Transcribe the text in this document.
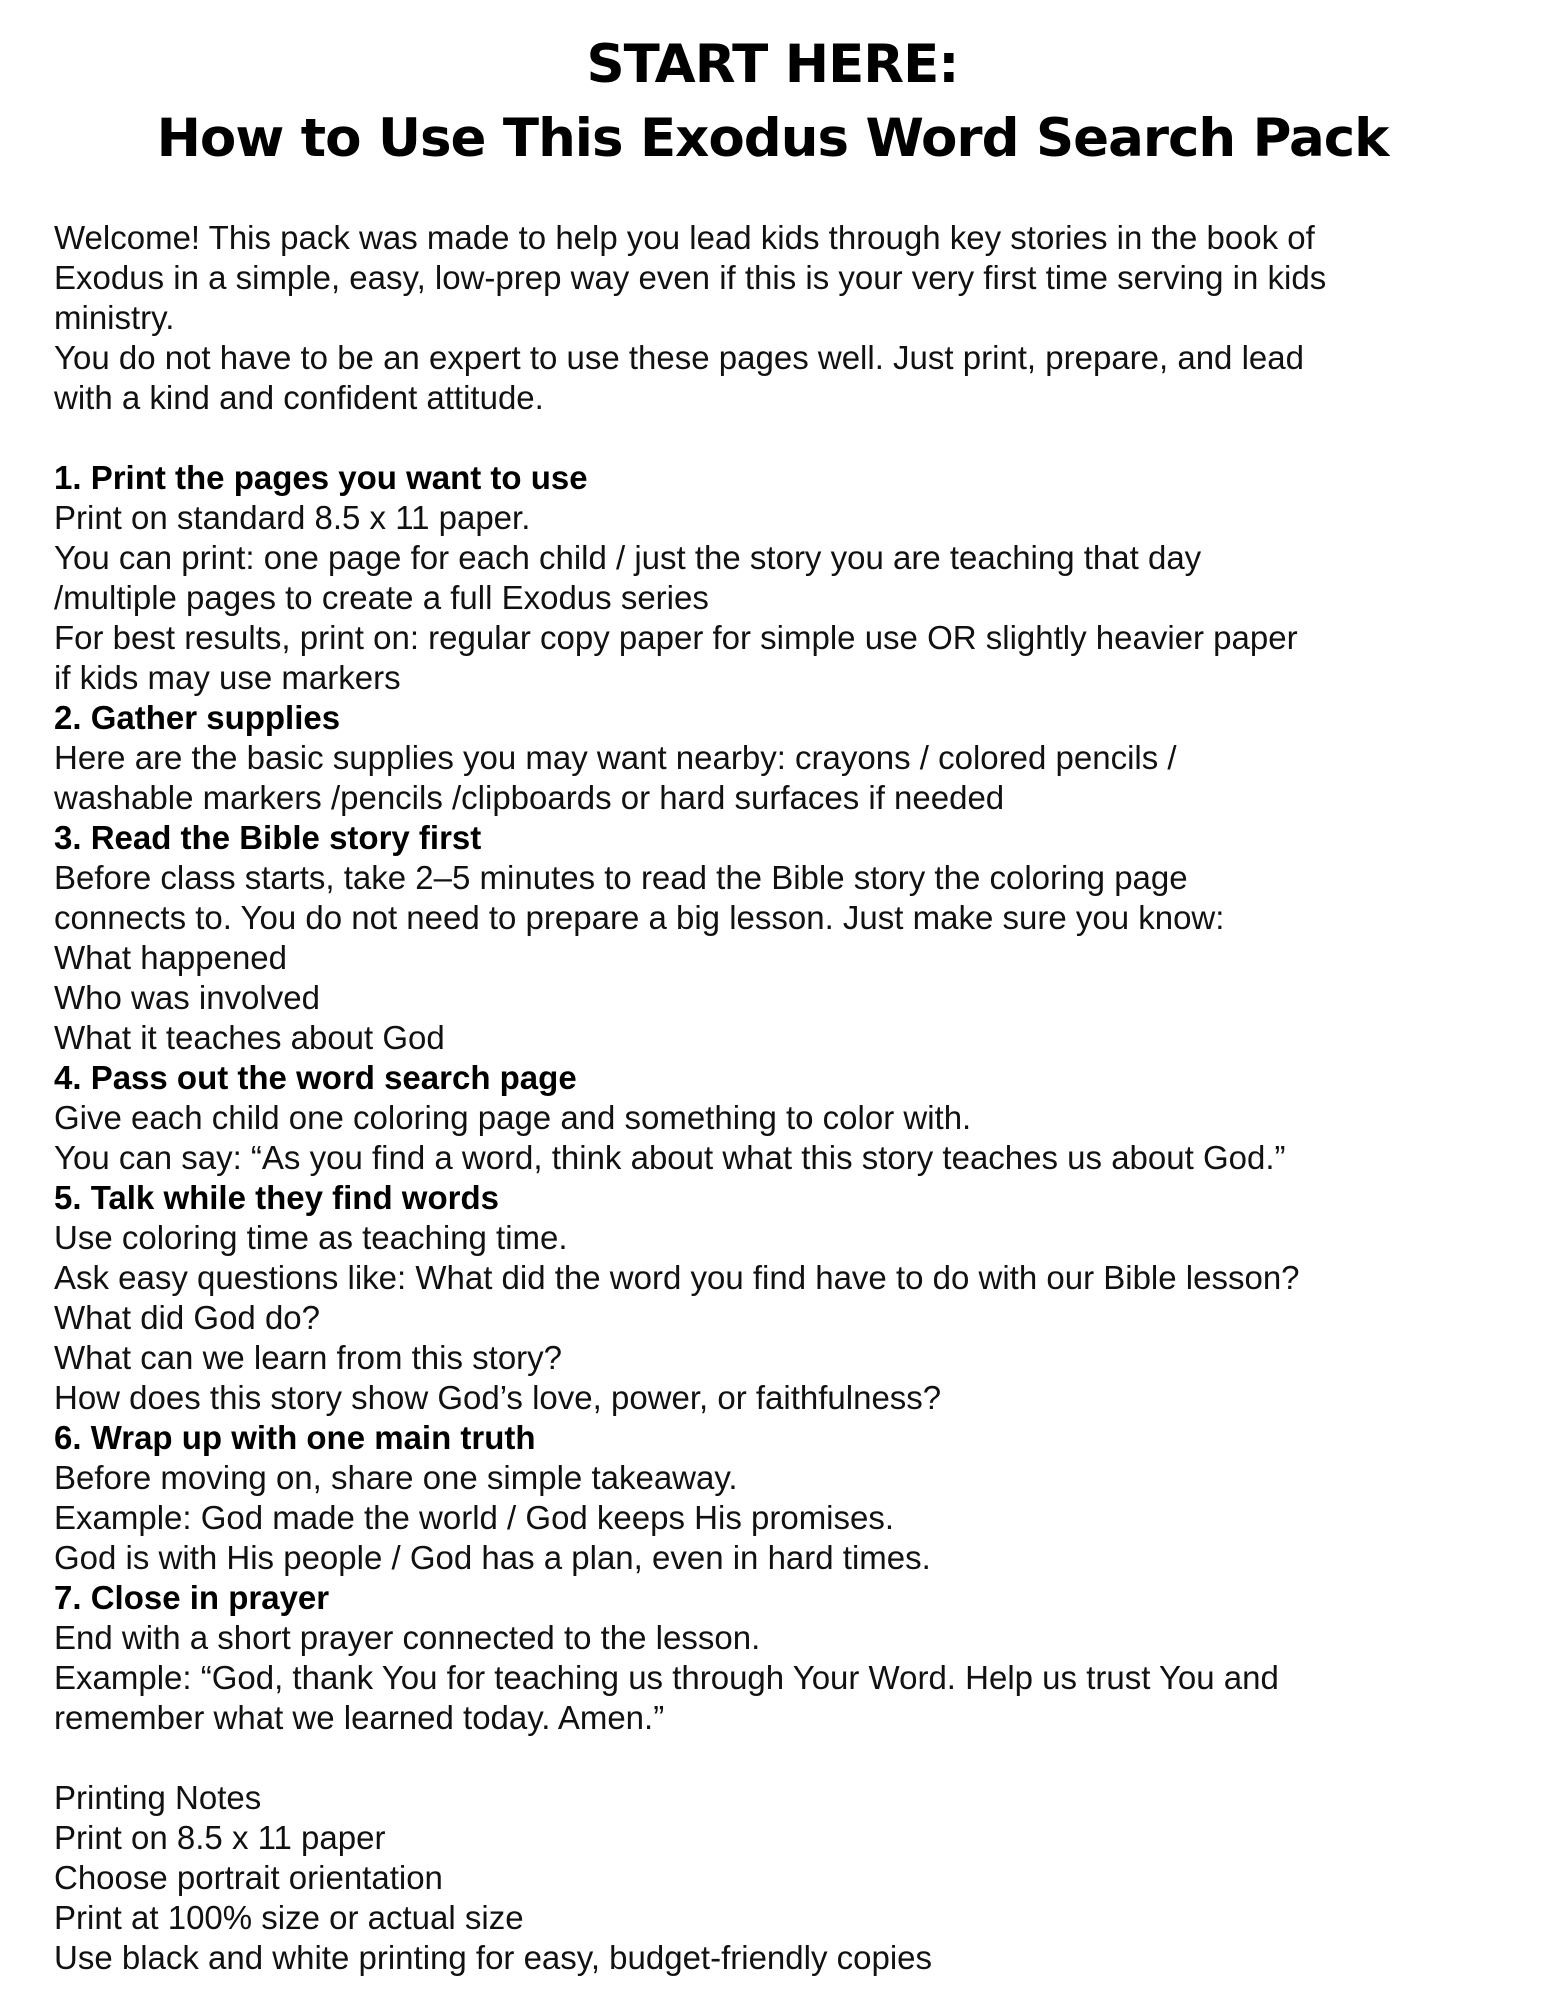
START HERE:
How to Use This Exodus Word Search Pack
Welcome! This pack was made to help you lead kids through key stories in the book of
Exodus in a simple, easy, low-prep way even if this is your very first time serving in kids
ministry.
You do not have to be an expert to use these pages well. Just print, prepare, and lead
with a kind and confident attitude.
1. Print the pages you want to use
Print on standard 8.5 x 11 paper.
You can print: one page for each child / just the story you are teaching that day
/multiple pages to create a full Exodus series
For best results, print on: regular copy paper for simple use OR slightly heavier paper
if kids may use markers
2. Gather supplies
Here are the basic supplies you may want nearby: crayons / colored pencils /
washable markers /pencils /clipboards or hard surfaces if needed
3. Read the Bible story first
Before class starts, take 2–5 minutes to read the Bible story the coloring page
connects to. You do not need to prepare a big lesson. Just make sure you know:
What happened
Who was involved
What it teaches about God
4. Pass out the word search page
Give each child one coloring page and something to color with.
You can say: “As you find a word, think about what this story teaches us about God.”
5. Talk while they find words
Use coloring time as teaching time.
Ask easy questions like: What did the word you find have to do with our Bible lesson?
What did God do?
What can we learn from this story?
How does this story show God’s love, power, or faithfulness?
6. Wrap up with one main truth
Before moving on, share one simple takeaway.
Example: God made the world / God keeps His promises.
God is with His people / God has a plan, even in hard times.
7. Close in prayer
End with a short prayer connected to the lesson.
Example: “God, thank You for teaching us through Your Word. Help us trust You and
remember what we learned today. Amen.”
Printing Notes
Print on 8.5 x 11 paper
Choose portrait orientation
Print at 100% size or actual size
Use black and white printing for easy, budget-friendly copies
